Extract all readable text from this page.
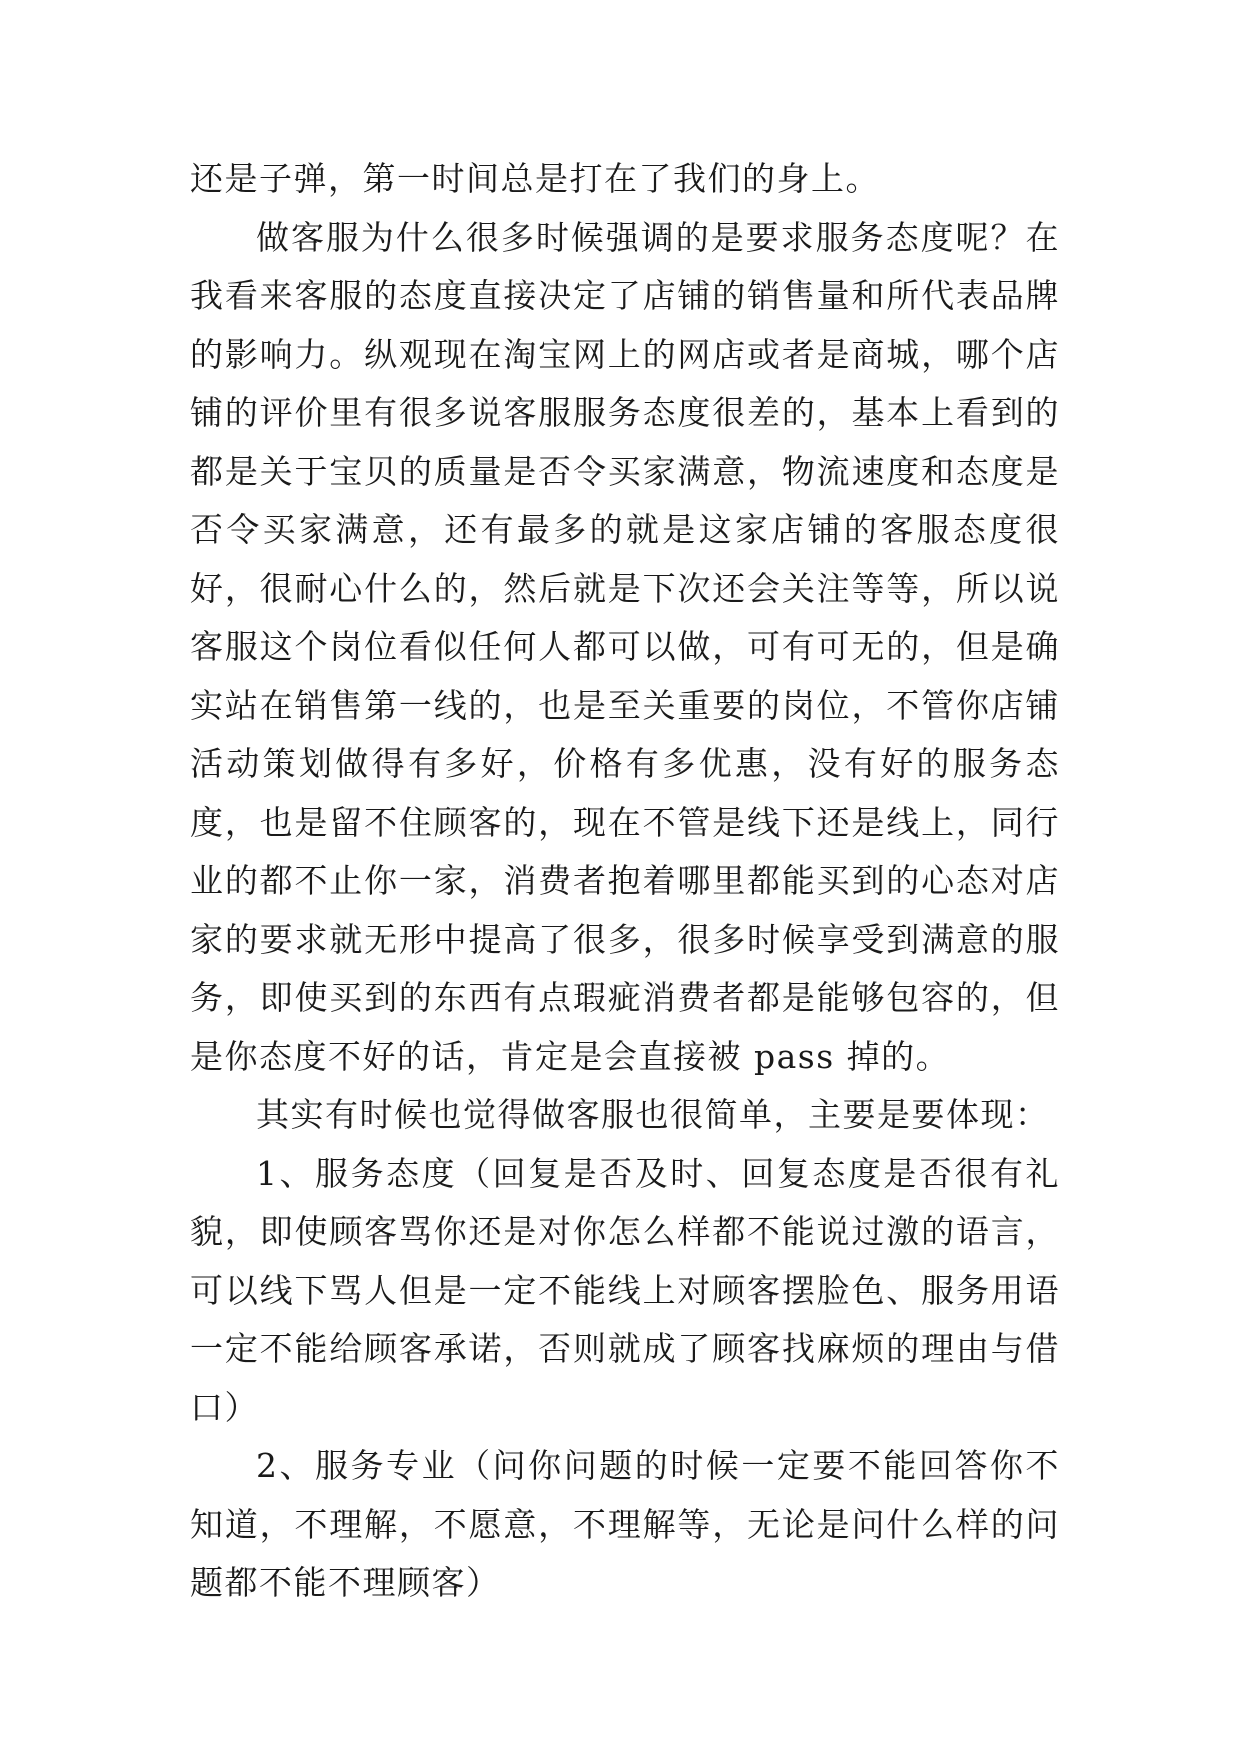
还是子弹，第一时间总是打在了我们的身上。

做客服为什么很多时候强调的是要求服务态度呢？在我看来客服的态度直接决定了店铺的销售量和所代表品牌的影响力。纵观现在淘宝网上的网店或者是商城，哪个店铺的评价里有很多说客服服务态度很差的，基本上看到的都是关于宝贝的质量是否令买家满意，物流速度和态度是否令买家满意，还有最多的就是这家店铺的客服态度很好，很耐心什么的，然后就是下次还会关注等等，所以说客服这个岗位看似任何人都可以做，可有可无的，但是确实站在销售第一线的，也是至关重要的岗位，不管你店铺活动策划做得有多好，价格有多优惠，没有好的服务态度，也是留不住顾客的，现在不管是线下还是线上，同行业的都不止你一家，消费者抱着哪里都能买到的心态对店家的要求就无形中提高了很多，很多时候享受到满意的服务，即使买到的东西有点瑕疵消费者都是能够包容的，但是你态度不好的话，肯定是会直接被 pass 掉的。

其实有时候也觉得做客服也很简单，主要是要体现：

1、服务态度（回复是否及时、回复态度是否很有礼貌，即使顾客骂你还是对你怎么样都不能说过激的语言，可以线下骂人但是一定不能线上对顾客摆脸色、服务用语一定不能给顾客承诺，否则就成了顾客找麻烦的理由与借口）

2、服务专业（问你问题的时候一定要不能回答你不知道，不理解，不愿意，不理解等，无论是问什么样的问题都不能不理顾客）
